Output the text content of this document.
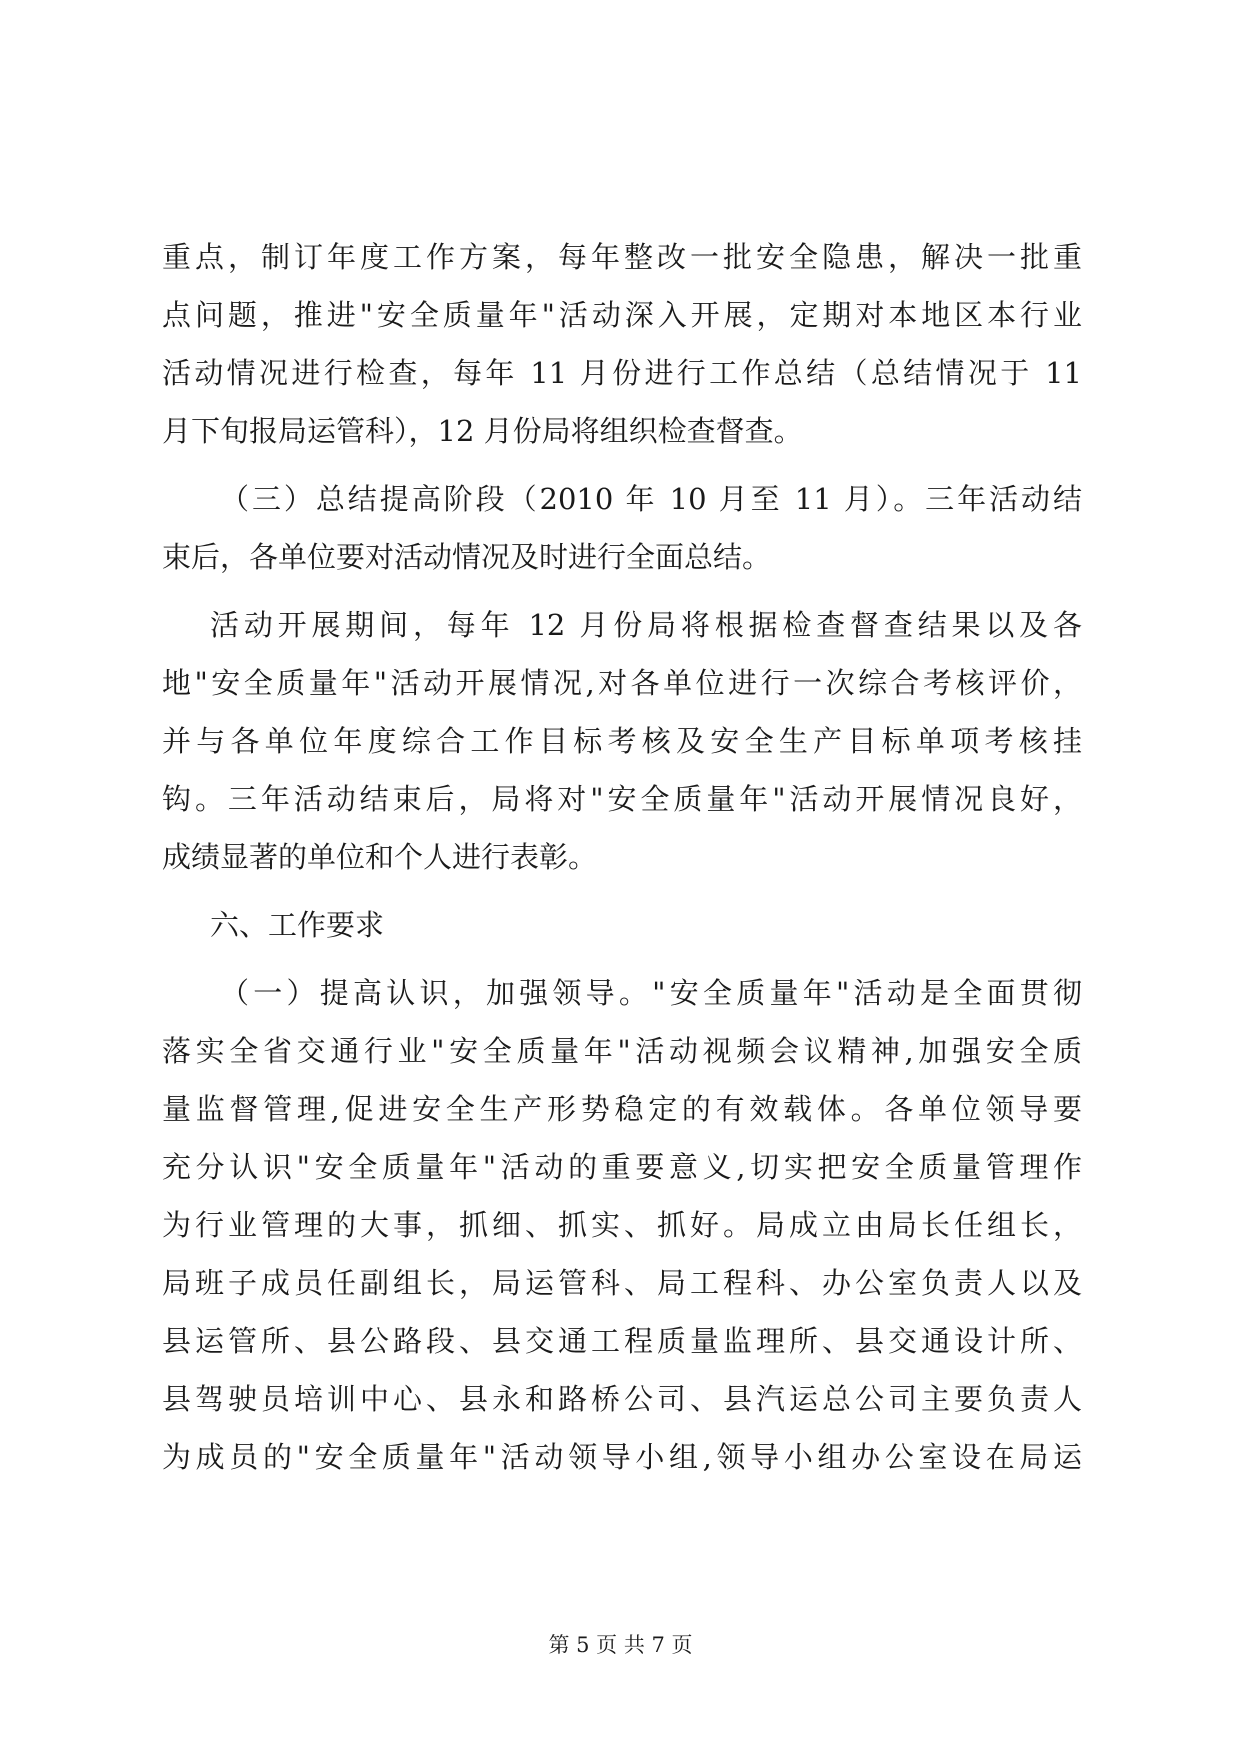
重点，制订年度工作方案，每年整改一批安全隐患，解决一批重
点问题，推进"安全质量年"活动深入开展，定期对本地区本行业
活动情况进行检查，每年 11 月份进行工作总结（总结情况于 11
月下旬报局运管科），12 月份局将组织检查督查。
（三）总结提高阶段（2010 年 10 月至 11 月）。三年活动结
束后，各单位要对活动情况及时进行全面总结。
活动开展期间，每年 12 月份局将根据检查督查结果以及各
地"安全质量年"活动开展情况,对各单位进行一次综合考核评价，
并与各单位年度综合工作目标考核及安全生产目标单项考核挂
钩。三年活动结束后，局将对"安全质量年"活动开展情况良好，
成绩显著的单位和个人进行表彰。
六、工作要求
（一）提高认识，加强领导。"安全质量年"活动是全面贯彻
落实全省交通行业"安全质量年"活动视频会议精神,加强安全质
量监督管理,促进安全生产形势稳定的有效载体。各单位领导要
充分认识"安全质量年"活动的重要意义,切实把安全质量管理作
为行业管理的大事，抓细、抓实、抓好。局成立由局长任组长，
局班子成员任副组长，局运管科、局工程科、办公室负责人以及
县运管所、县公路段、县交通工程质量监理所、县交通设计所、
县驾驶员培训中心、县永和路桥公司、县汽运总公司主要负责人
为成员的"安全质量年"活动领导小组,领导小组办公室设在局运
第 5 页 共 7 页
